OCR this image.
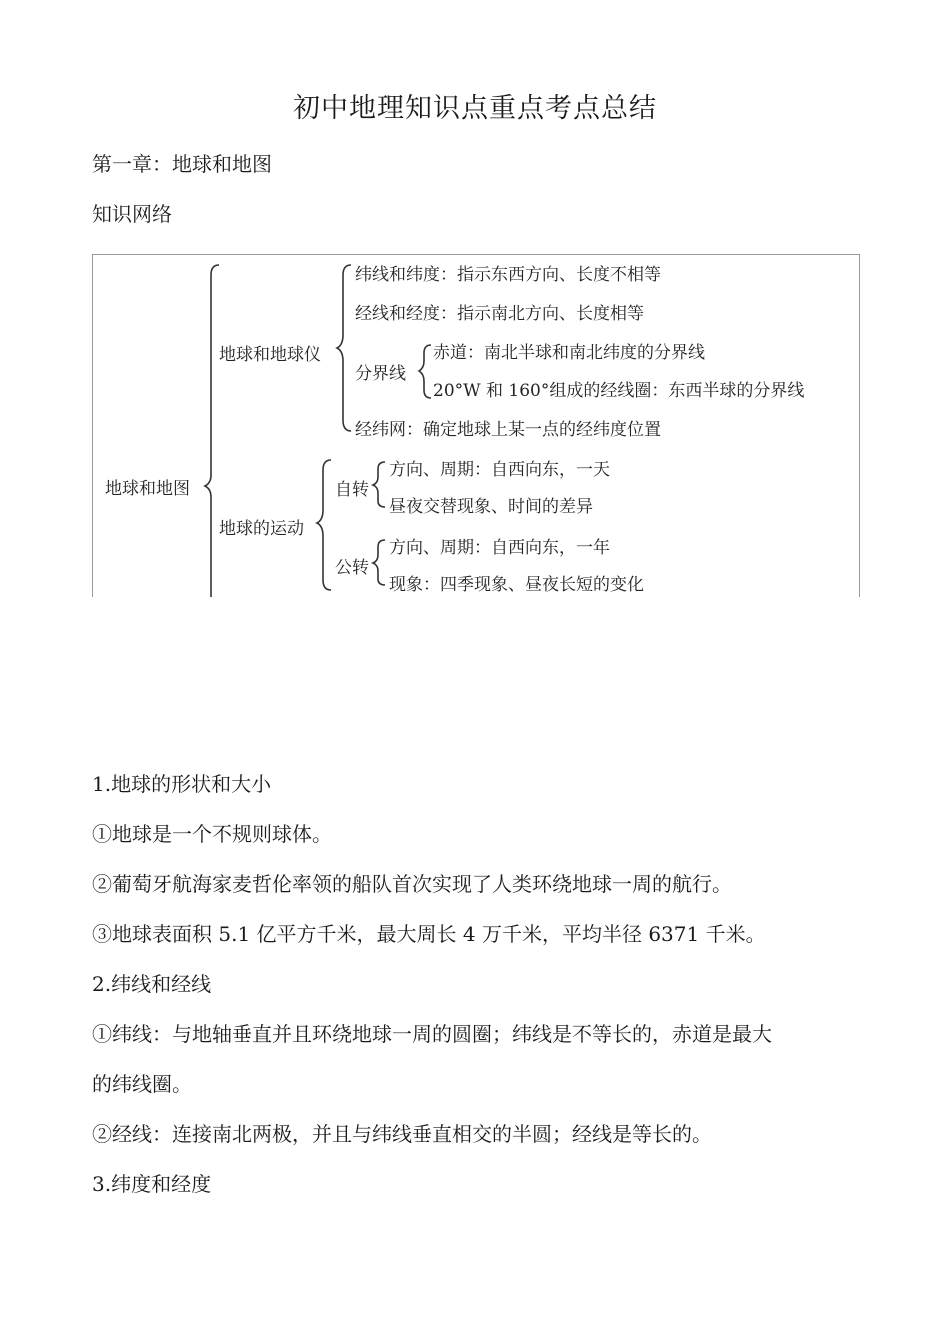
初中地理知识点重点考点总结
第一章：地球和地图
知识网络
地球和地图
地球和地球仪
纬线和纬度：指示东西方向、长度不相等
经线和经度：指示南北方向、长度相等
分界线
赤道：南北半球和南北纬度的分界线
20°W 和 160°组成的经线圈：东西半球的分界线
经纬网：确定地球上某一点的经纬度位置
地球的运动
自转
方向、周期：自西向东，一天
昼夜交替现象、时间的差异
公转
方向、周期：自西向东，一年
现象：四季现象、昼夜长短的变化
1.地球的形状和大小
①地球是一个不规则球体。
②葡萄牙航海家麦哲伦率领的船队首次实现了人类环绕地球一周的航行。
③地球表面积 5.1 亿平方千米，最大周长 4 万千米，平均半径 6371 千米。
2.纬线和经线
①纬线：与地轴垂直并且环绕地球一周的圆圈；纬线是不等长的，赤道是最大
的纬线圈。
②经线：连接南北两极，并且与纬线垂直相交的半圆；经线是等长的。
3.纬度和经度
